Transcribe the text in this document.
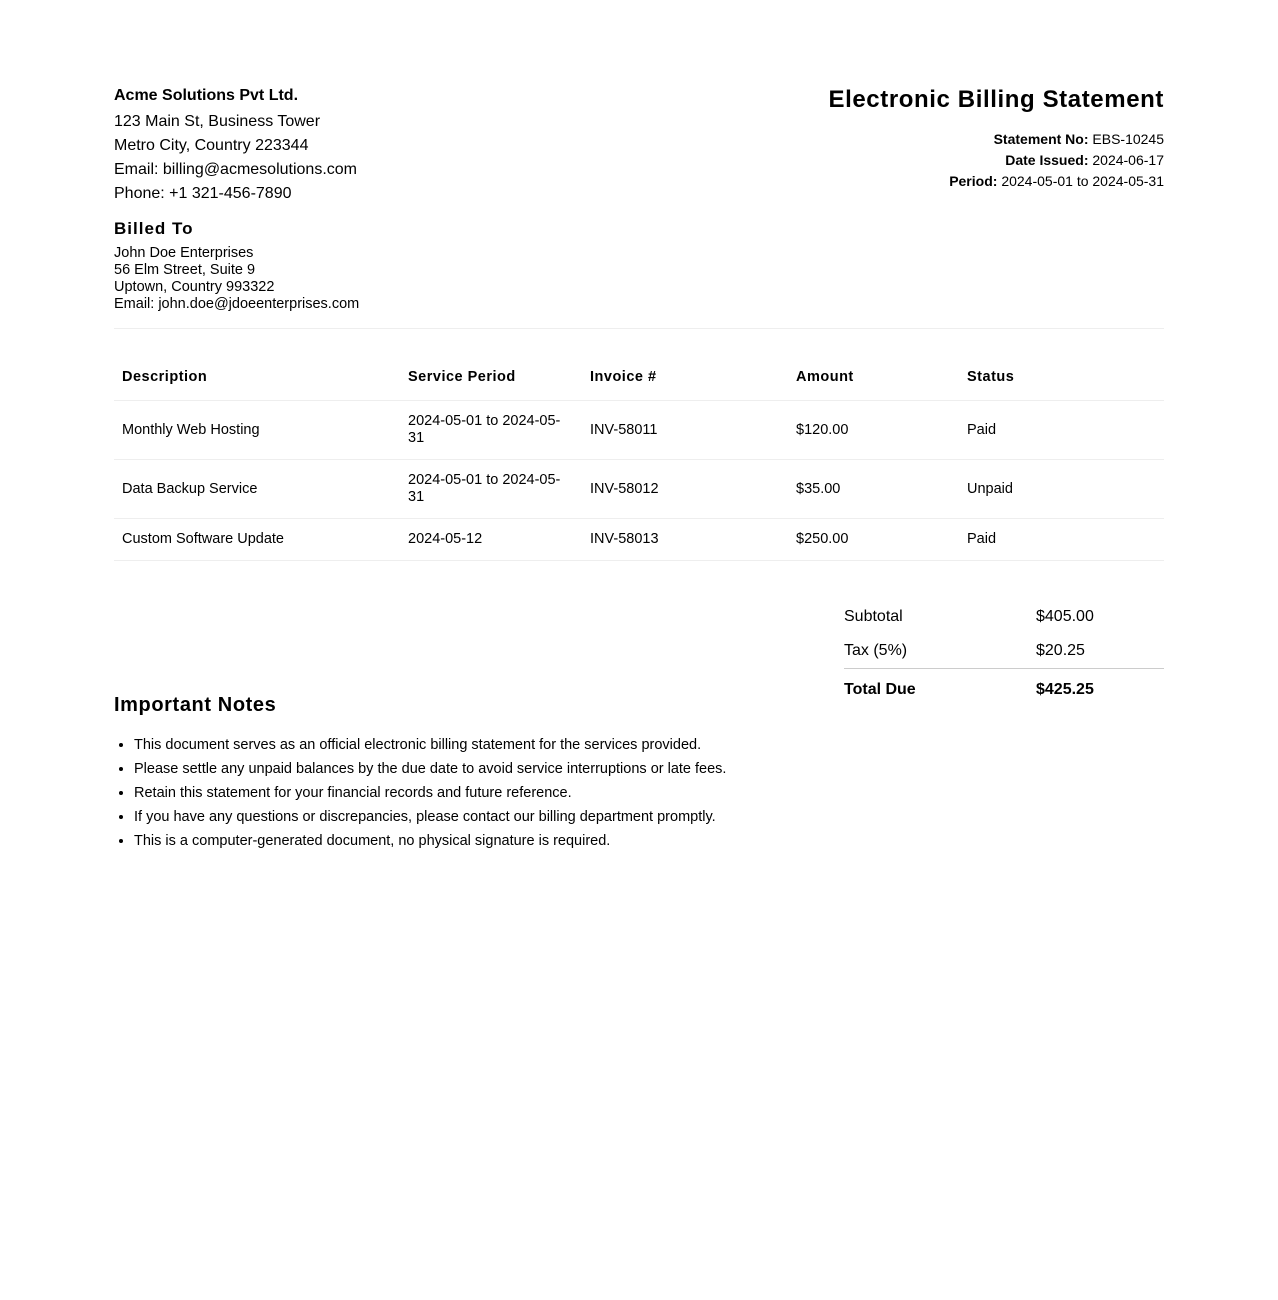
Acme Solutions Pvt Ltd.
123 Main St, Business Tower
Metro City, Country 223344
Email: billing@acmesolutions.com
Phone: +1 321-456-7890
Electronic Billing Statement
Statement No: EBS-10245
Date Issued: 2024-06-17
Period: 2024-05-01 to 2024-05-31
Billed To
John Doe Enterprises
56 Elm Street, Suite 9
Uptown, Country 993322
Email: john.doe@jdoeenterprises.com
Description	Service Period	Invoice #	Amount	Status
Monthly Web Hosting	2024-05-01 to 2024-05-31	INV-58011	$120.00	Paid
Data Backup Service	2024-05-01 to 2024-05-31	INV-58012	$35.00	Unpaid
Custom Software Update	2024-05-12	INV-58013	$250.00	Paid
Subtotal	$405.00
Tax (5%)	$20.25
Total Due	$425.25
Important Notes
• This document serves as an official electronic billing statement for the services provided.
• Please settle any unpaid balances by the due date to avoid service interruptions or late fees.
• Retain this statement for your financial records and future reference.
• If you have any questions or discrepancies, please contact our billing department promptly.
• This is a computer-generated document, no physical signature is required.
